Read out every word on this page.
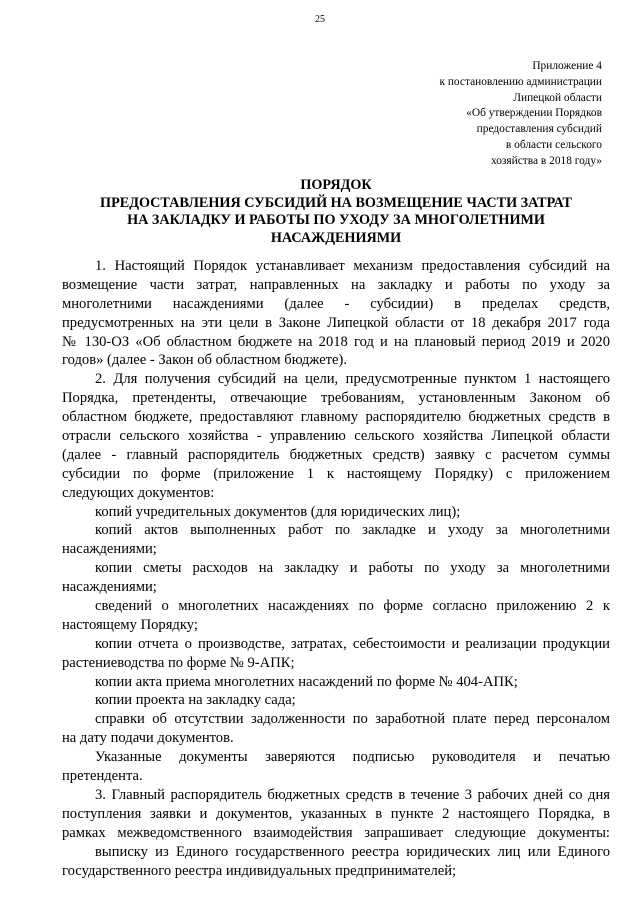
25
Приложение 4
к постановлению администрации
Липецкой области
«Об утверждении Порядков
предоставления субсидий
в области сельского
хозяйства в 2018 году»
ПОРЯДОК
ПРЕДОСТАВЛЕНИЯ СУБСИДИЙ НА ВОЗМЕЩЕНИЕ ЧАСТИ ЗАТРАТ
НА ЗАКЛАДКУ И РАБОТЫ ПО УХОДУ ЗА МНОГОЛЕТНИМИ
НАСАЖДЕНИЯМИ
1. Настоящий Порядок устанавливает механизм предоставления субсидий на
возмещение части затрат, направленных на закладку и работы по уходу за
многолетними насаждениями (далее - субсидии) в пределах средств,
предусмотренных на эти цели в Законе Липецкой области от 18 декабря 2017 года
№ 130-ОЗ «Об областном бюджете на 2018 год и на плановый период 2019 и 2020
годов» (далее - Закон об областном бюджете).
2. Для получения субсидий на цели, предусмотренные пунктом 1 настоящего
Порядка, претенденты, отвечающие требованиям, установленным Законом об
областном бюджете, предоставляют главному распорядителю бюджетных средств в
отрасли сельского хозяйства - управлению сельского хозяйства Липецкой области
(далее - главный распорядитель бюджетных средств) заявку с расчетом суммы
субсидии по форме (приложение 1 к настоящему Порядку) с приложением
следующих документов:
копий учредительных документов (для юридических лиц);
копий актов выполненных работ по закладке и уходу за многолетними
насаждениями;
копии сметы расходов на закладку и работы по уходу за многолетними
насаждениями;
сведений о многолетних насаждениях по форме согласно приложению 2 к
настоящему Порядку;
копии отчета о производстве, затратах, себестоимости и реализации продукции
растениеводства по форме № 9-АПК;
копии акта приема многолетних насаждений по форме № 404-АПК;
копии проекта на закладку сада;
справки об отсутствии задолженности по заработной плате перед персоналом
на дату подачи документов.
Указанные документы заверяются подписью руководителя и печатью
претендента.
3. Главный распорядитель бюджетных средств в течение 3 рабочих дней со дня
поступления заявки и документов, указанных в пункте 2 настоящего Порядка, в
рамках межведомственного взаимодействия запрашивает следующие документы:
выписку из Единого государственного реестра юридических лиц или Единого
государственного реестра индивидуальных предпринимателей;
